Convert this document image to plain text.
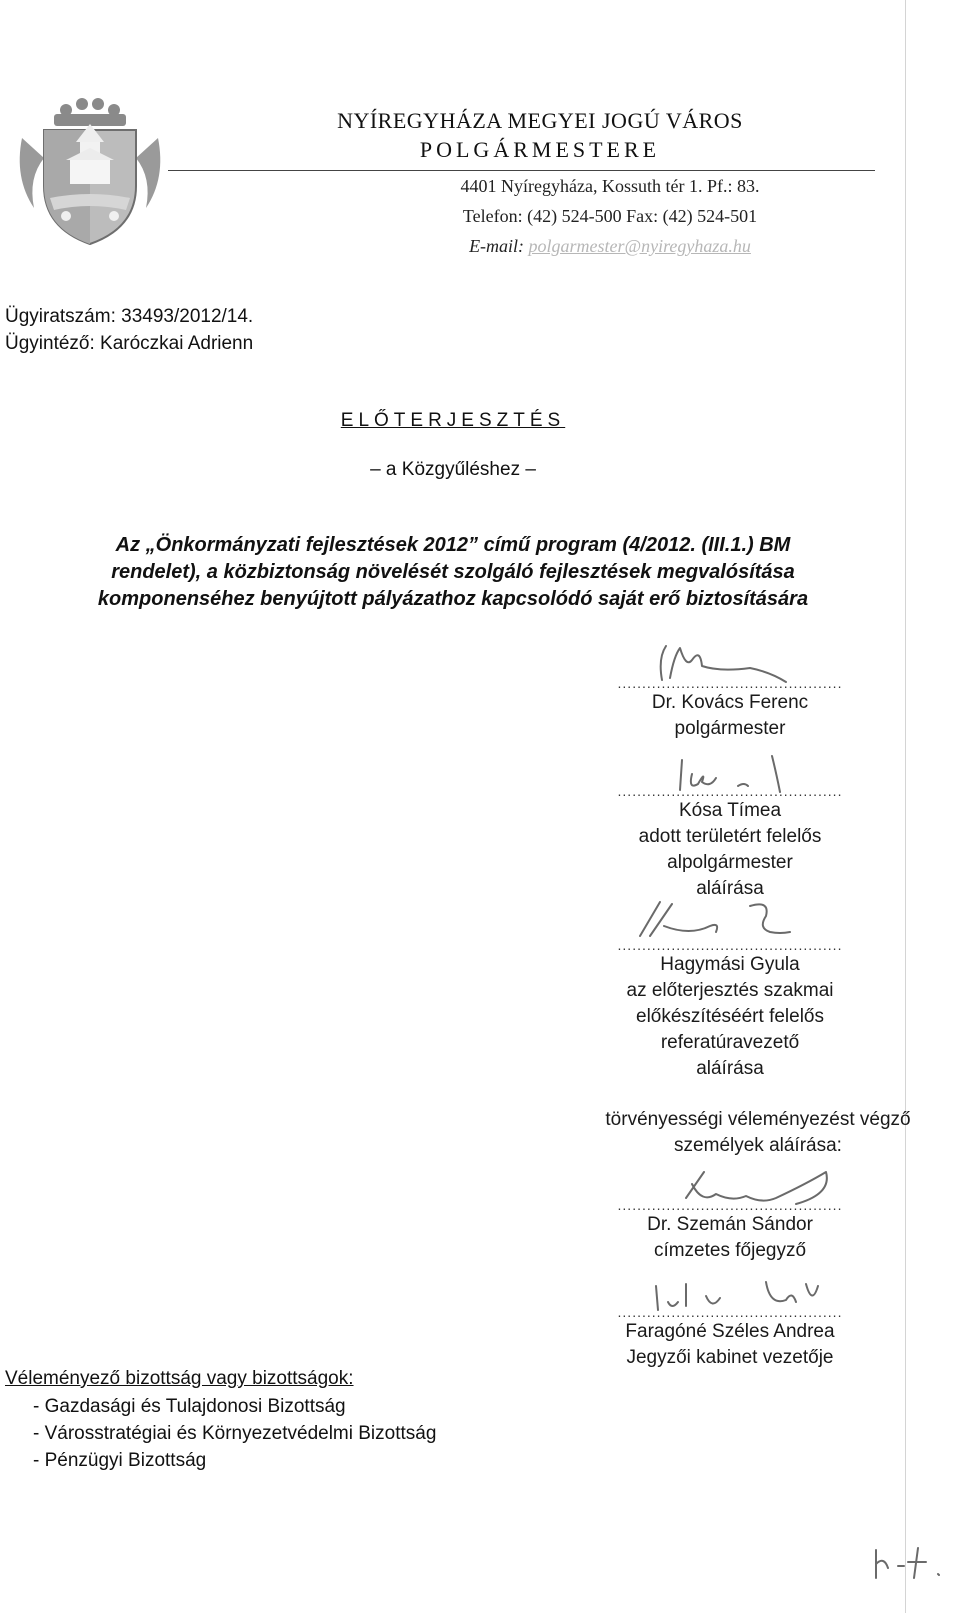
NYÍREGYHÁZA MEGYEI JOGÚ VÁROS
POLGÁRMESTERE
4401 Nyíregyháza, Kossuth tér 1. Pf.: 83.
Telefon: (42) 524-500 Fax: (42) 524-501
E-mail: polgarmester@nyiregyhaza.hu
Ügyiratszám: 33493/2012/14.
Ügyintéző: Karóczkai Adrienn
ELŐTERJESZTÉS
– a Közgyűléshez –
Az „Önkormányzati fejlesztések 2012” című program (4/2012. (III.1.) BM
rendelet), a közbiztonság növelését szolgáló fejlesztések megvalósítása
komponenséhez benyújtott pályázathoz kapcsolódó saját erő biztosítására
..............................................
Dr. Kovács Ferenc
polgármester
..............................................
Kósa Tímea
adott területért felelős
alpolgármester
aláírása
..............................................
Hagymási Gyula
az előterjesztés szakmai
előkészítéséért felelős
referatúravezető
aláírása
törvényességi véleményezést végző
személyek aláírása:
..............................................
Dr. Szemán Sándor
címzetes főjegyző
..............................................
Faragóné Széles Andrea
Jegyzői kabinet vezetője
Véleményező bizottság vagy bizottságok:
- Gazdasági és Tulajdonosi Bizottság
- Városstratégiai és Környezetvédelmi Bizottság
- Pénzügyi Bizottság
